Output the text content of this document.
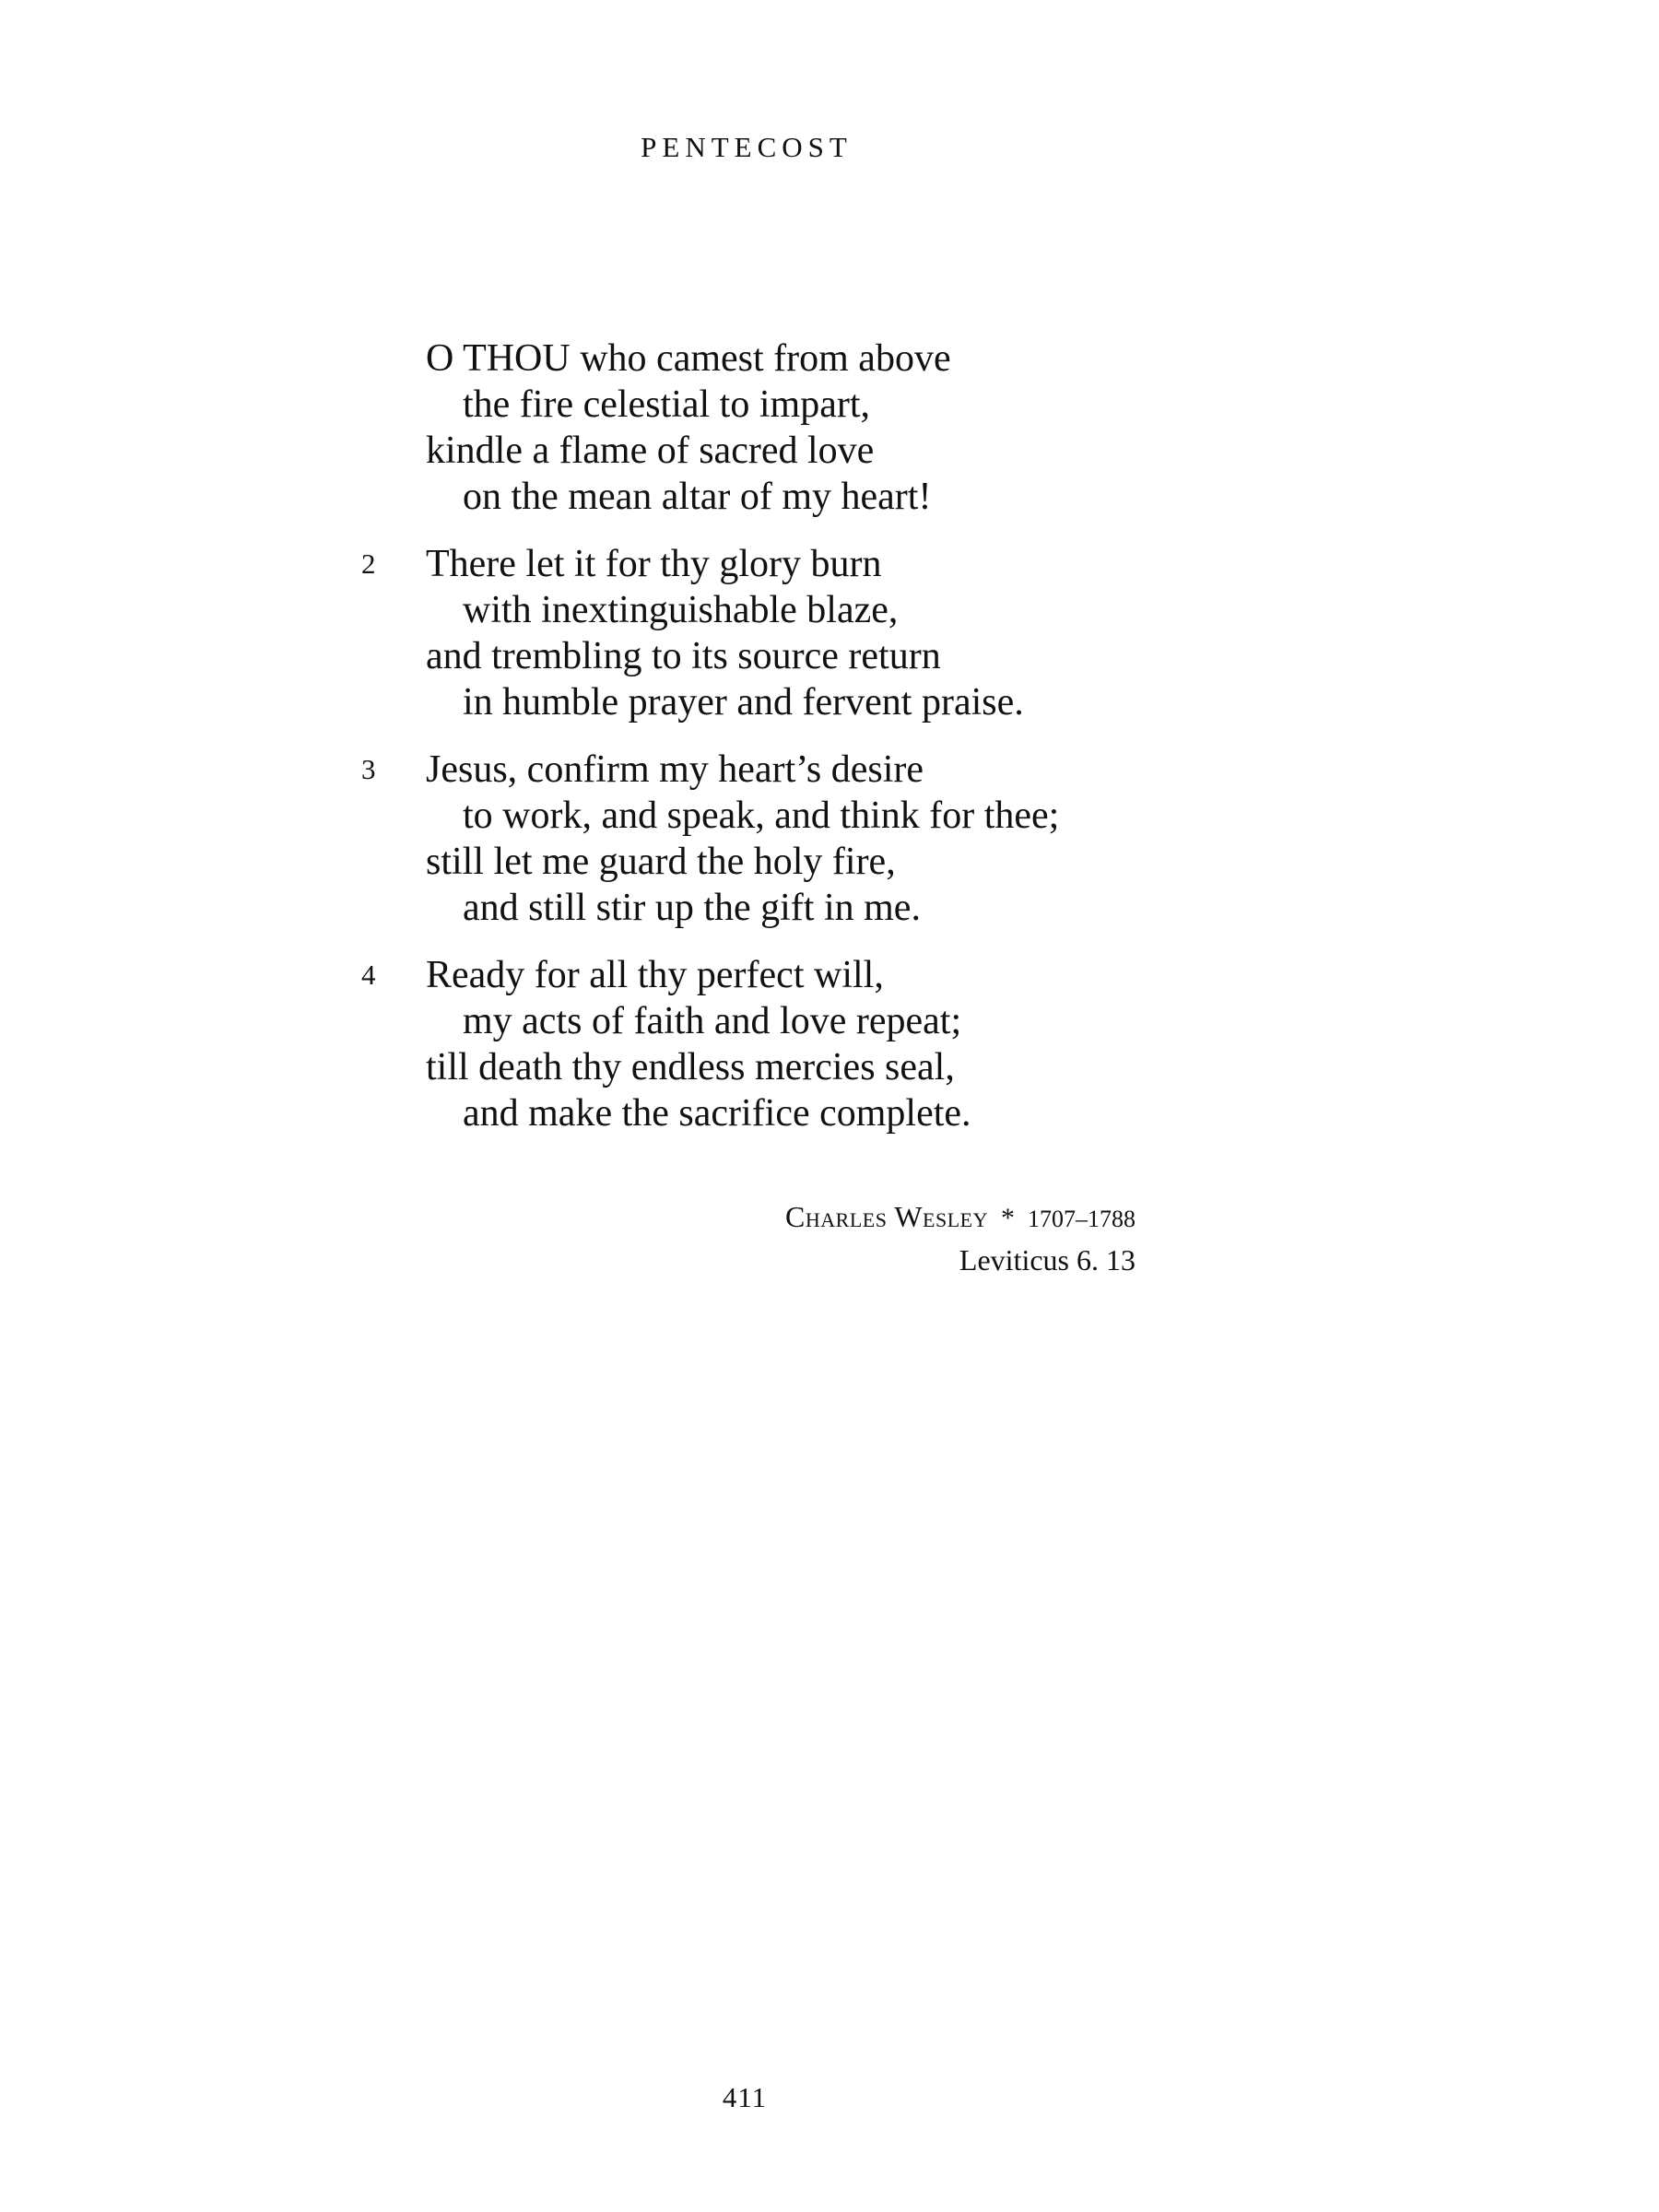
PENTECOST
O THOU who camest from above
the fire celestial to impart,
kindle a flame of sacred love
on the mean altar of my heart!
2 There let it for thy glory burn
with inextinguishable blaze,
and trembling to its source return
in humble prayer and fervent praise.
3 Jesus, confirm my heart’s desire
to work, and speak, and think for thee;
still let me guard the holy fire,
and still stir up the gift in me.
4 Ready for all thy perfect will,
my acts of faith and love repeat;
till death thy endless mercies seal,
and make the sacrifice complete.
Charles Wesley * 1707–1788
Leviticus 6. 13
411
